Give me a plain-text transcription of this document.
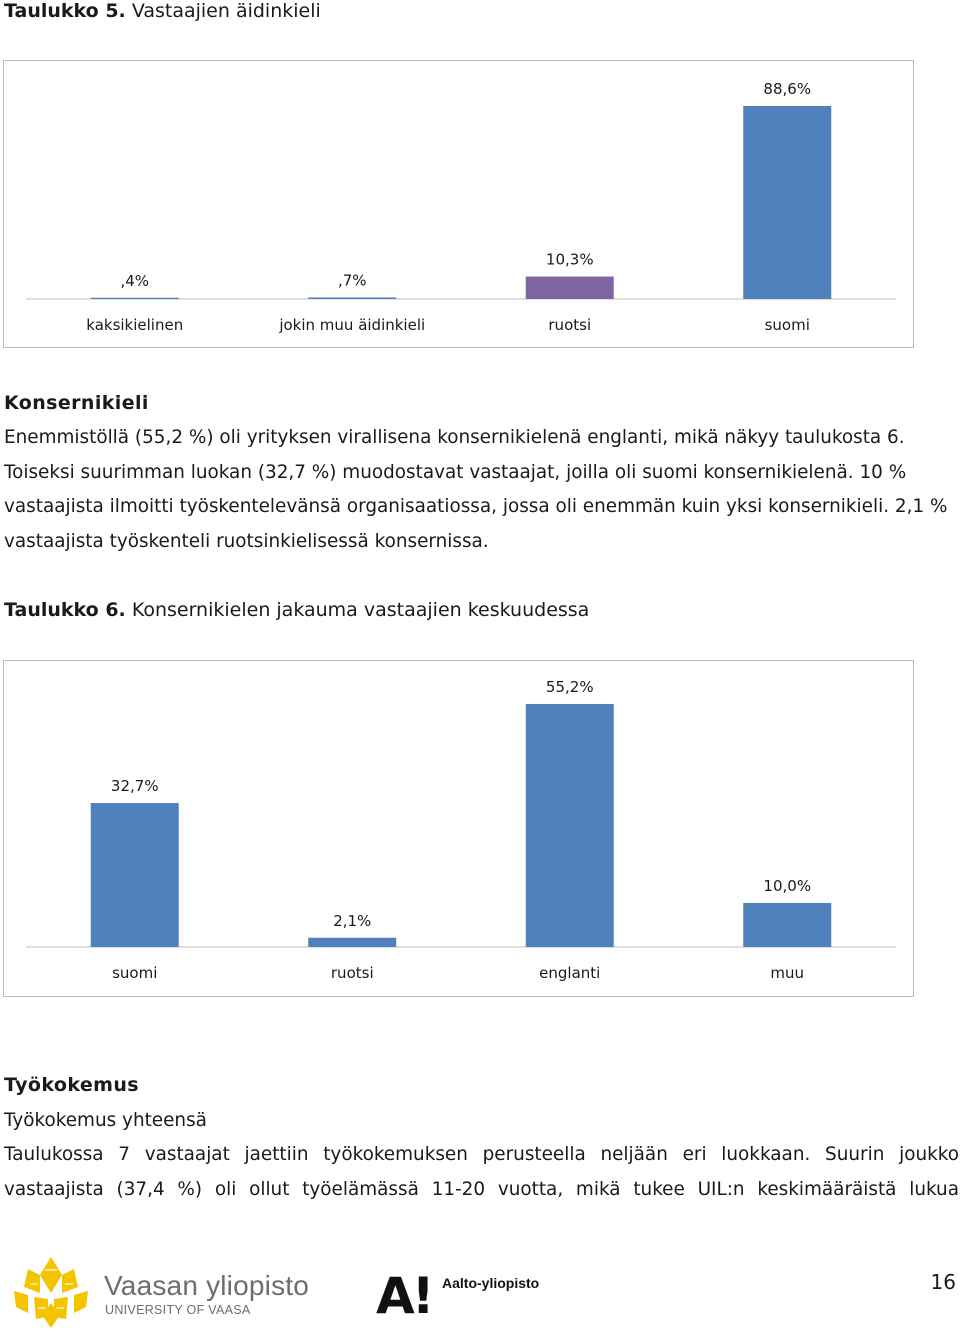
Taulukko 5. Vastaajien äidinkieli
,4%
kaksikielinen
,7%
jokin muu äidinkieli
10,3%
ruotsi
88,6%
suomi
Konsernikieli
Enemmistöllä (55,2 %) oli yrityksen virallisena konsernikielenä englanti, mikä näkyy taulukosta 6.
Toiseksi suurimman luokan (32,7 %) muodostavat vastaajat, joilla oli suomi konsernikielenä. 10 %
vastaajista ilmoitti työskentelevänsä organisaatiossa, jossa oli enemmän kuin yksi konsernikieli. 2,1 %
vastaajista työskenteli ruotsinkielisessä konsernissa.
Taulukko 6. Konsernikielen jakauma vastaajien keskuudessa
32,7%
suomi
2,1%
ruotsi
55,2%
englanti
10,0%
muu
Työkokemus
Työkokemus yhteensä
Taulukossa 7 vastaajat jaettiin työkokemuksen perusteella neljään eri luokkaan. Suurin joukko
vastaajista (37,4 %) oli ollut työelämässä 11-20 vuotta, mikä tukee UIL:n keskimääräistä lukua
Vaasan yliopisto
UNIVERSITY OF VAASA	A! Aalto-yliopisto	16
